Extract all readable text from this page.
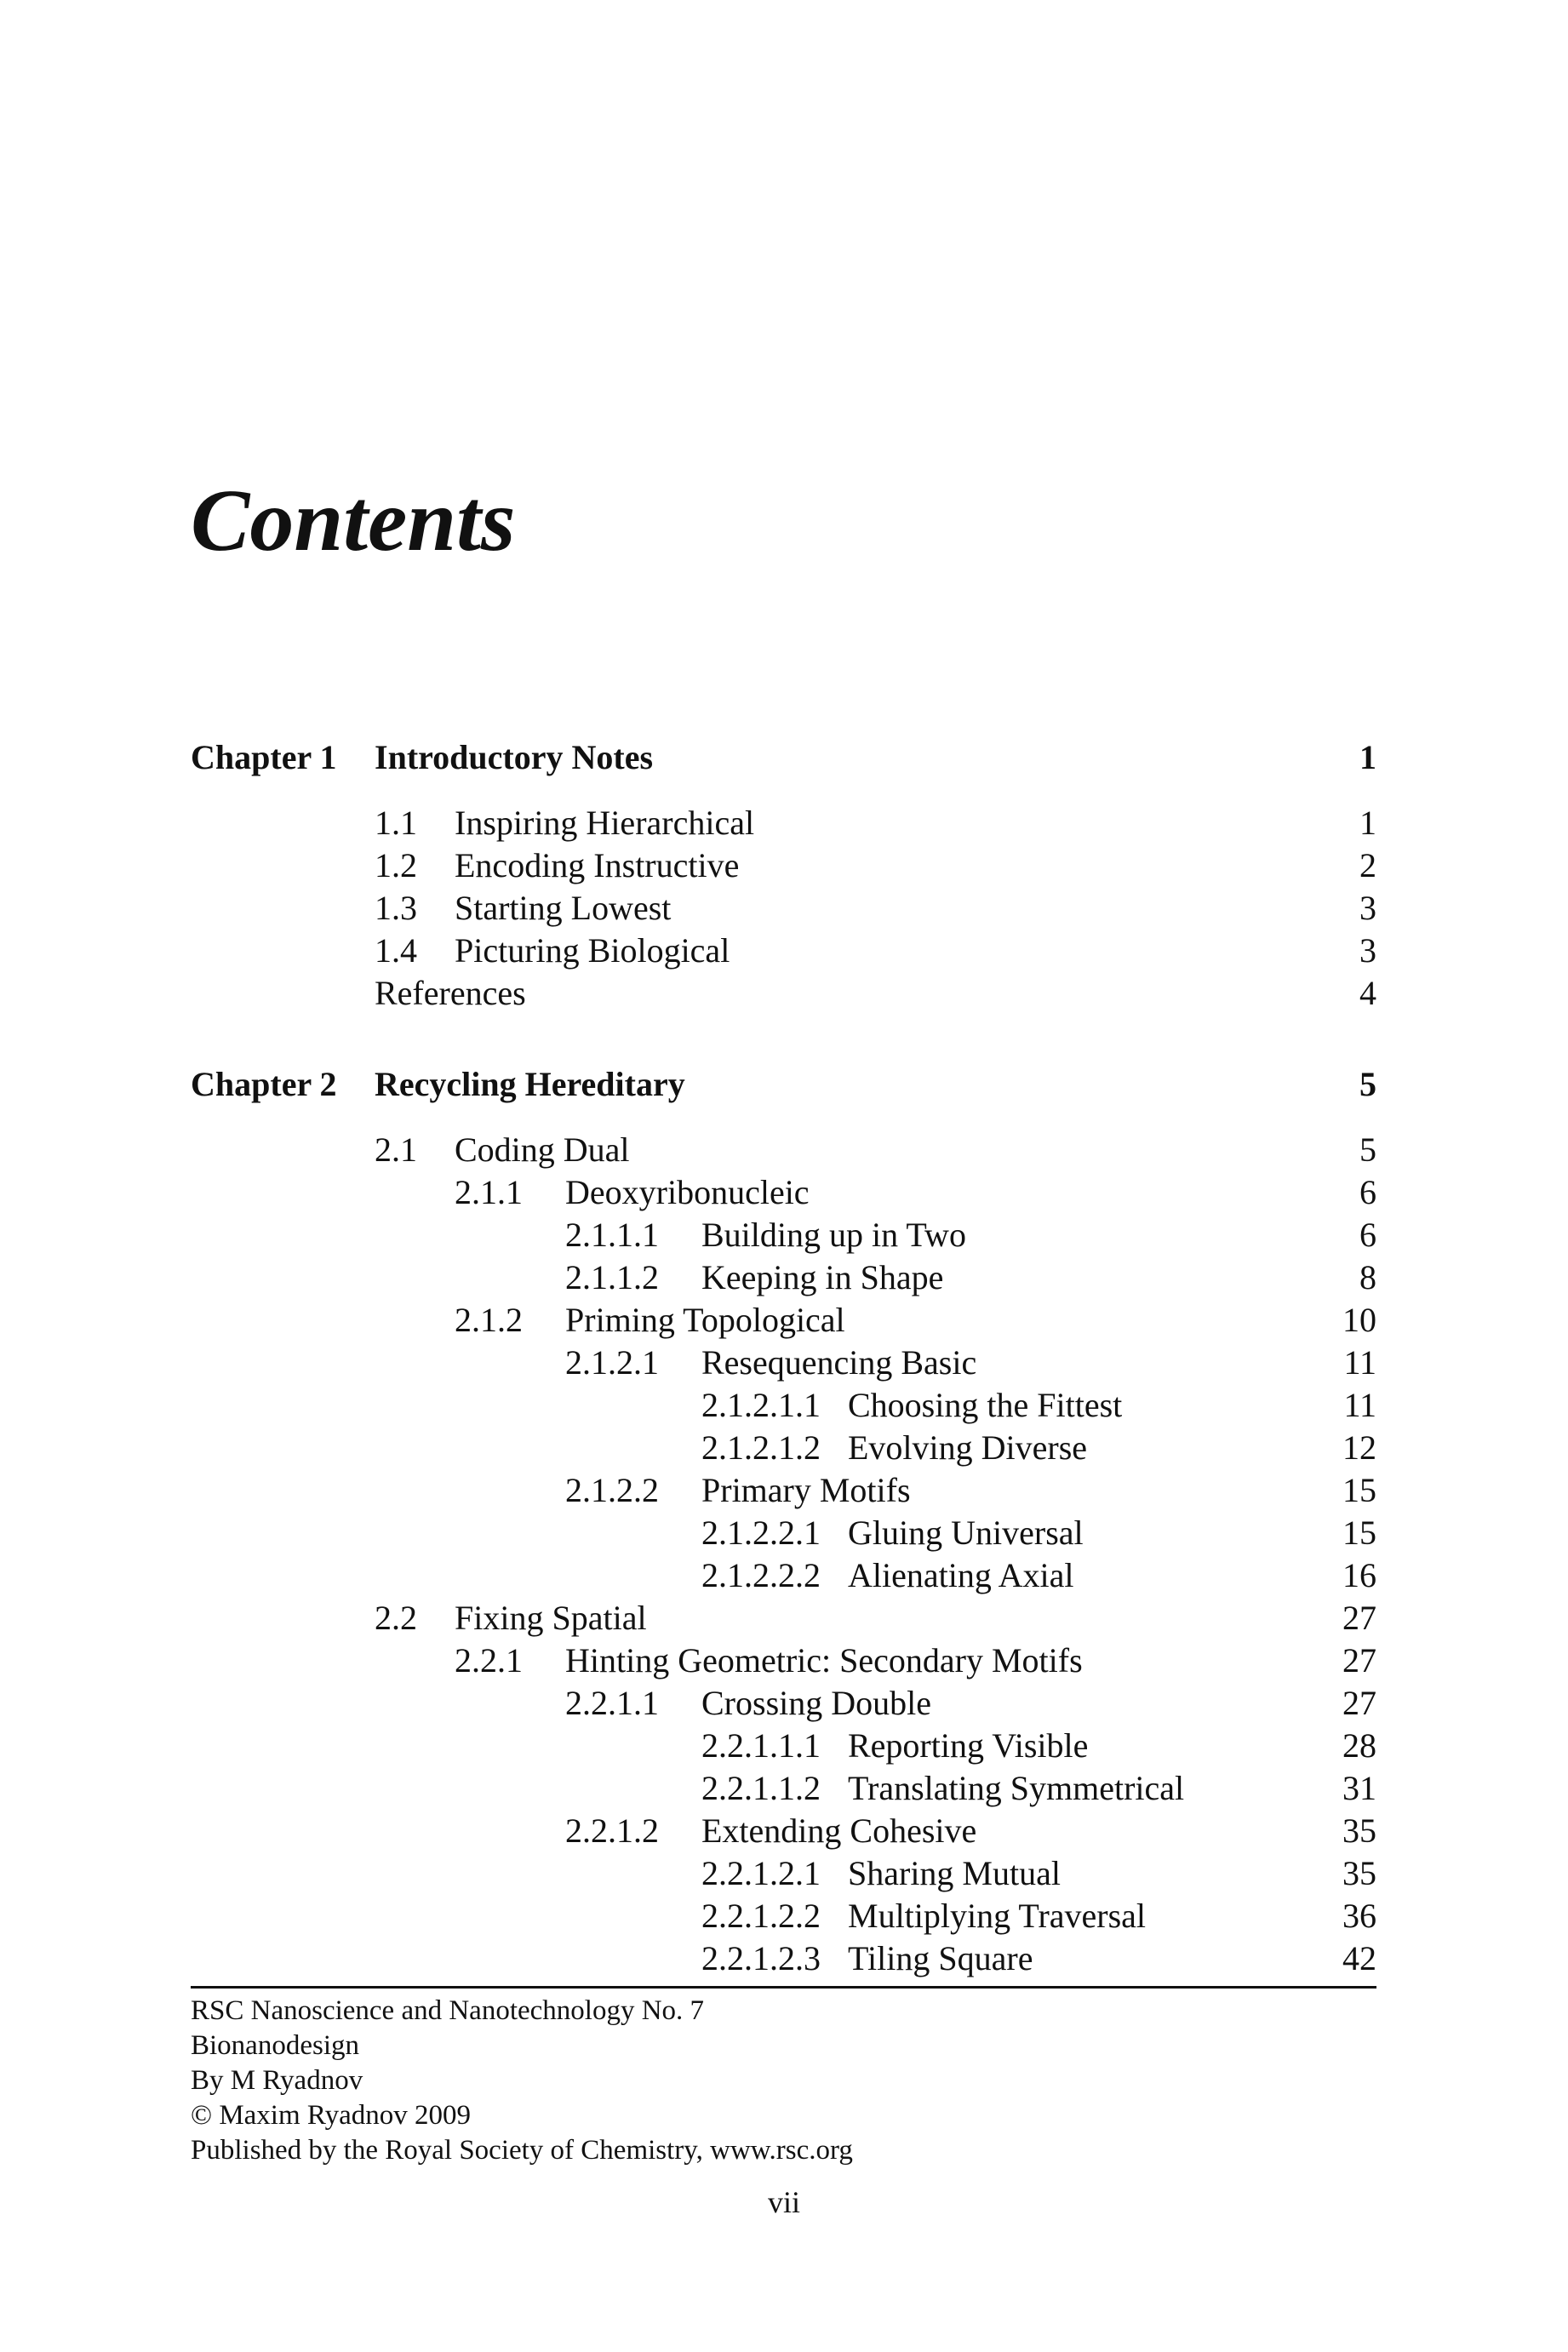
Contents
Chapter 1 Introductory Notes	1
1.1 Inspiring Hierarchical	1
1.2 Encoding Instructive	2
1.3 Starting Lowest	3
1.4 Picturing Biological	3
References	4
Chapter 2 Recycling Hereditary	5
2.1 Coding Dual	5
2.1.1 Deoxyribonucleic	6
2.1.1.1 Building up in Two	6
2.1.1.2 Keeping in Shape	8
2.1.2 Priming Topological	10
2.1.2.1 Resequencing Basic	11
2.1.2.1.1 Choosing the Fittest	11
2.1.2.1.2 Evolving Diverse	12
2.1.2.2 Primary Motifs	15
2.1.2.2.1 Gluing Universal	15
2.1.2.2.2 Alienating Axial	16
2.2 Fixing Spatial	27
2.2.1 Hinting Geometric: Secondary Motifs	27
2.2.1.1 Crossing Double	27
2.2.1.1.1 Reporting Visible	28
2.2.1.1.2 Translating Symmetrical	31
2.2.1.2 Extending Cohesive	35
2.2.1.2.1 Sharing Mutual	35
2.2.1.2.2 Multiplying Traversal	36
2.2.1.2.3 Tiling Square	42
RSC Nanoscience and Nanotechnology No. 7
Bionanodesign
By M Ryadnov
© Maxim Ryadnov 2009
Published by the Royal Society of Chemistry, www.rsc.org
vii
